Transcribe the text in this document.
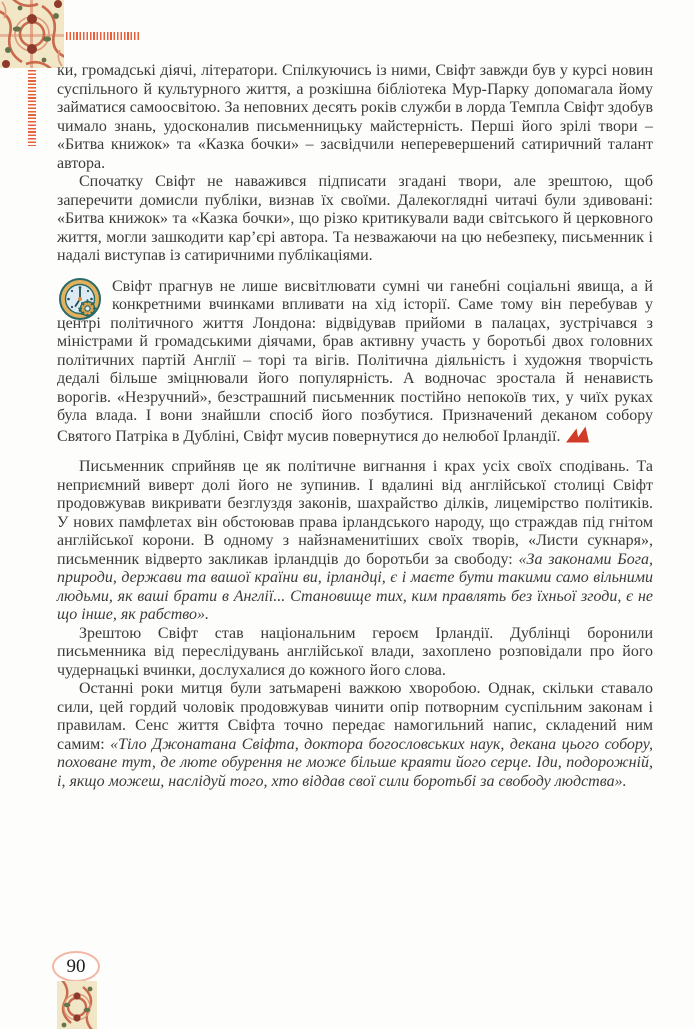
ки, громадські діячі, літератори. Спілкуючись із ними, Свіфт завжди був у курсі новин суспільного й культурного життя, а розкішна бібліотека Мур-Парку допомагала йому займатися самоосвітою. За неповних десять років служби в лорда Темпла Свіфт здобув чимало знань, удосконалив письменницьку майстерність. Перші його зрілі твори – «Битва книжок» та «Казка бочки» – засвідчили неперевершений сатиричний талант автора.

Спочатку Свіфт не наважився підписати згадані твори, але зрештою, щоб заперечити домисли публіки, визнав їх своїми. Далекоглядні читачі були здивовані: «Битва книжок» та «Казка бочки», що різко критикували вади світського й церковного життя, могли зашкодити кар’єрі автора. Та незважаючи на цю небезпеку, письменник і надалі виступав із сатиричними публікаціями.

Свіфт прагнув не лише висвітлювати сумні чи ганебні соціальні явища, а й конкретними вчинками впливати на хід історії. Саме тому він перебував у центрі політичного життя Лондона: відвідував прийоми в палацах, зустрічався з міністрами й громадськими діячами, брав активну участь у боротьбі двох головних політичних партій Англії – торі та вігів. Політична діяльність і художня творчість дедалі більше зміцнювали його популярність. А водночас зростала й ненависть ворогів. «Незручний», безстрашний письменник постійно непокоїв тих, у чиїх руках була влада. І вони знайшли спосіб його позбутися. Призначений деканом собору Святого Патріка в Дубліні, Свіфт мусив повернутися до нелюбої Ірландії.

Письменник сприйняв це як політичне вигнання і крах усіх своїх сподівань. Та неприємний виверт долі його не зупинив. І вдалині від англійської столиці Свіфт продовжував викривати безглуздя законів, шахрайство ділків, лицемірство політиків. У нових памфлетах він обстоював права ірландського народу, що страждав під гнітом англійської корони. В одному з найзнаменитіших своїх творів, «Листи сукнаря», письменник відверто закликав ірландців до боротьби за свободу: «За законами Бога, природи, держави та вашої країни ви, ірландці, є і маєте бути такими само вільними людьми, як ваші брати в Англії... Становище тих, ким правлять без їхньої згоди, є не що інше, як рабство».

Зрештою Свіфт став національним героєм Ірландії. Дублінці боронили письменника від переслідувань англійської влади, захоплено розповідали про його чудернацькі вчинки, дослухалися до кожного його слова.

Останні роки митця були затьмарені важкою хворобою. Однак, скільки ставало сили, цей гордий чоловік продовжував чинити опір потворним суспільним законам і правилам. Сенс життя Свіфта точно передає намогильний напис, складений ним самим: «Тіло Джонатана Свіфта, доктора богословських наук, декана цього собору, поховане тут, де люте обурення не може більше краяти його серце. Іди, подорожній, і, якщо можеш, наслідуй того, хто віддав свої сили боротьбі за свободу людства».

90
